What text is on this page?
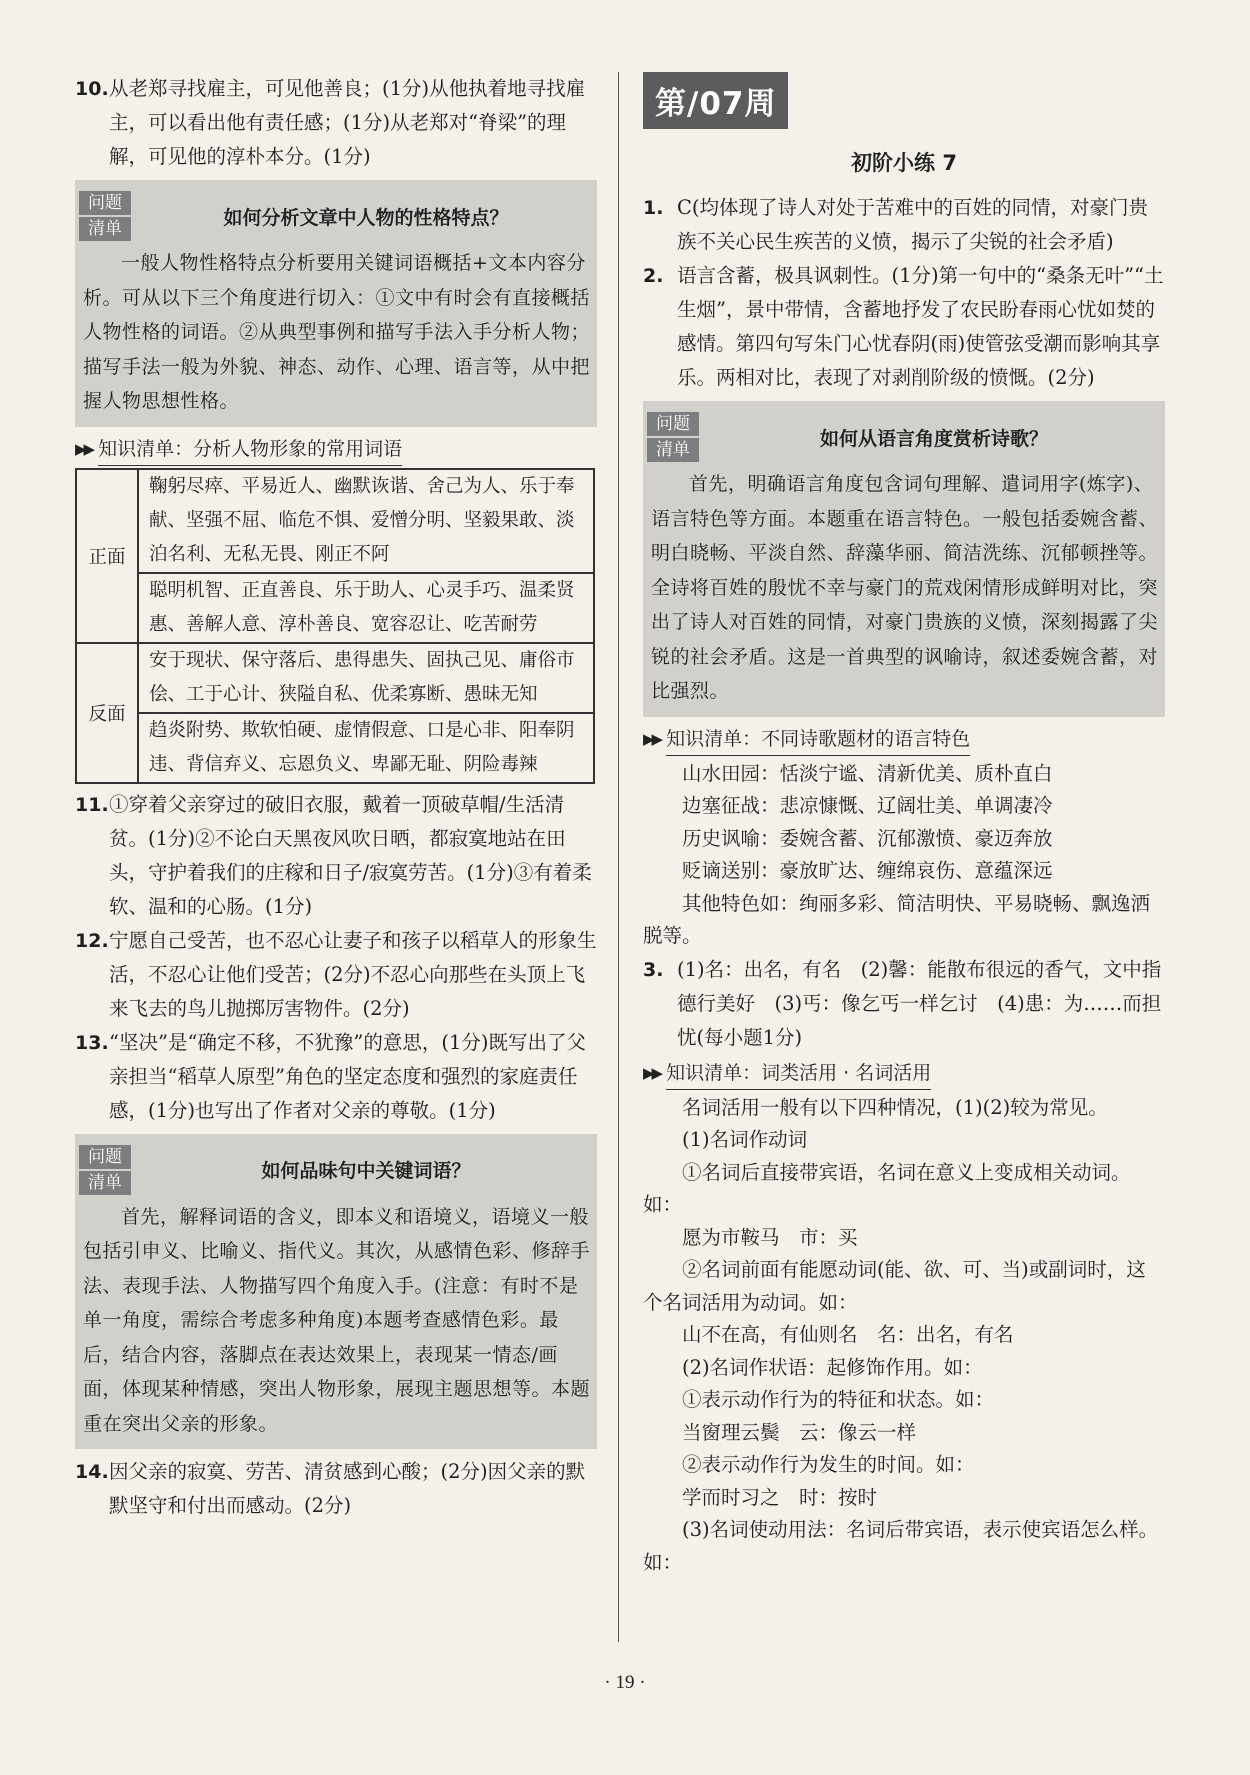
10. 从老郑寻找雇主，可见他善良；(1分)从他执着地寻找雇主，可以看出他有责任感；(1分)从老郑对“脊梁”的理解，可见他的淳朴本分。(1分)

问题
清单
如何分析文章中人物的性格特点？

一般人物性格特点分析要用关键词语概括+文本内容分析。可从以下三个角度进行切入：①文中有时会有直接概括人物性格的词语。②从典型事例和描写手法入手分析人物；描写手法一般为外貌、神态、动作、心理、语言等，从中把握人物思想性格。

▶▶ 知识清单：分析人物形象的常用词语
正面	鞠躬尽瘁、平易近人、幽默诙谐、舍己为人、乐于奉献、坚强不屈、临危不惧、爱憎分明、坚毅果敢、淡泊名利、无私无畏、刚正不阿
	聪明机智、正直善良、乐于助人、心灵手巧、温柔贤惠、善解人意、淳朴善良、宽容忍让、吃苦耐劳
反面	安于现状、保守落后、患得患失、固执己见、庸俗市侩、工于心计、狭隘自私、优柔寡断、愚昧无知
	趋炎附势、欺软怕硬、虚情假意、口是心非、阳奉阴违、背信弃义、忘恩负义、卑鄙无耻、阴险毒辣

11. ①穿着父亲穿过的破旧衣服，戴着一顶破草帽/生活清贫。(1分)②不论白天黑夜风吹日晒，都寂寞地站在田头，守护着我们的庄稼和日子/寂寞劳苦。(1分)③有着柔软、温和的心肠。(1分)

12. 宁愿自己受苦，也不忍心让妻子和孩子以稻草人的形象生活，不忍心让他们受苦；(2分)不忍心向那些在头顶上飞来飞去的鸟儿抛掷厉害物件。(2分)

13. “坚决”是“确定不移，不犹豫”的意思，(1分)既写出了父亲担当“稻草人原型”角色的坚定态度和强烈的家庭责任感，(1分)也写出了作者对父亲的尊敬。(1分)

问题
清单
如何品味句中关键词语？

首先，解释词语的含义，即本义和语境义，语境义一般包括引申义、比喻义、指代义。其次，从感情色彩、修辞手法、表现手法、人物描写四个角度入手。(注意：有时不是单一角度，需综合考虑多种角度)本题考查感情色彩。最后，结合内容，落脚点在表达效果上，表现某一情态/画面，体现某种情感，突出人物形象，展现主题思想等。本题重在突出父亲的形象。

14. 因父亲的寂寞、劳苦、清贫感到心酸；(2分)因父亲的默默坚守和付出而感动。(2分)

第/07周
初阶小练 7

1. C(均体现了诗人对处于苦难中的百姓的同情，对豪门贵族不关心民生疾苦的义愤，揭示了尖锐的社会矛盾)

2. 语言含蓄，极具讽刺性。(1分)第一句中的“桑条无叶”“土生烟”，景中带情，含蓄地抒发了农民盼春雨心忧如焚的感情。第四句写朱门心忧春阴(雨)使管弦受潮而影响其享乐。两相对比，表现了对剥削阶级的愤慨。(2分)

问题
清单
如何从语言角度赏析诗歌？

首先，明确语言角度包含词句理解、遣词用字(炼字)、语言特色等方面。本题重在语言特色。一般包括委婉含蓄、明白晓畅、平淡自然、辞藻华丽、简洁洗练、沉郁顿挫等。全诗将百姓的殷忧不幸与豪门的荒戏闲情形成鲜明对比，突出了诗人对百姓的同情，对豪门贵族的义愤，深刻揭露了尖锐的社会矛盾。这是一首典型的讽喻诗，叙述委婉含蓄，对比强烈。

▶▶ 知识清单：不同诗歌题材的语言特色

山水田园：恬淡宁谧、清新优美、质朴直白

边塞征战：悲凉慷慨、辽阔壮美、单调凄冷

历史讽喻：委婉含蓄、沉郁激愤、豪迈奔放

贬谪送别：豪放旷达、缠绵哀伤、意蕴深远

其他特色如：绚丽多彩、简洁明快、平易晓畅、飘逸洒脱等。

3. (1)名：出名，有名　(2)馨：能散布很远的香气，文中指德行美好　(3)丐：像乞丐一样乞讨　(4)患：为……而担忧(每小题1分)

▶▶ 知识清单：词类活用 · 名词活用

名词活用一般有以下四种情况，(1)(2)较为常见。

(1)名词作动词

①名词后直接带宾语，名词在意义上变成相关动词。如：

愿为市鞍马　市：买

②名词前面有能愿动词(能、欲、可、当)或副词时，这个名词活用为动词。如：

山不在高，有仙则名　名：出名，有名

(2)名词作状语：起修饰作用。如：

①表示动作行为的特征和状态。如：

当窗理云鬓　云：像云一样

②表示动作行为发生的时间。如：

学而时习之　时：按时

(3)名词使动用法：名词后带宾语，表示使宾语怎么样。如：

· 19 ·
